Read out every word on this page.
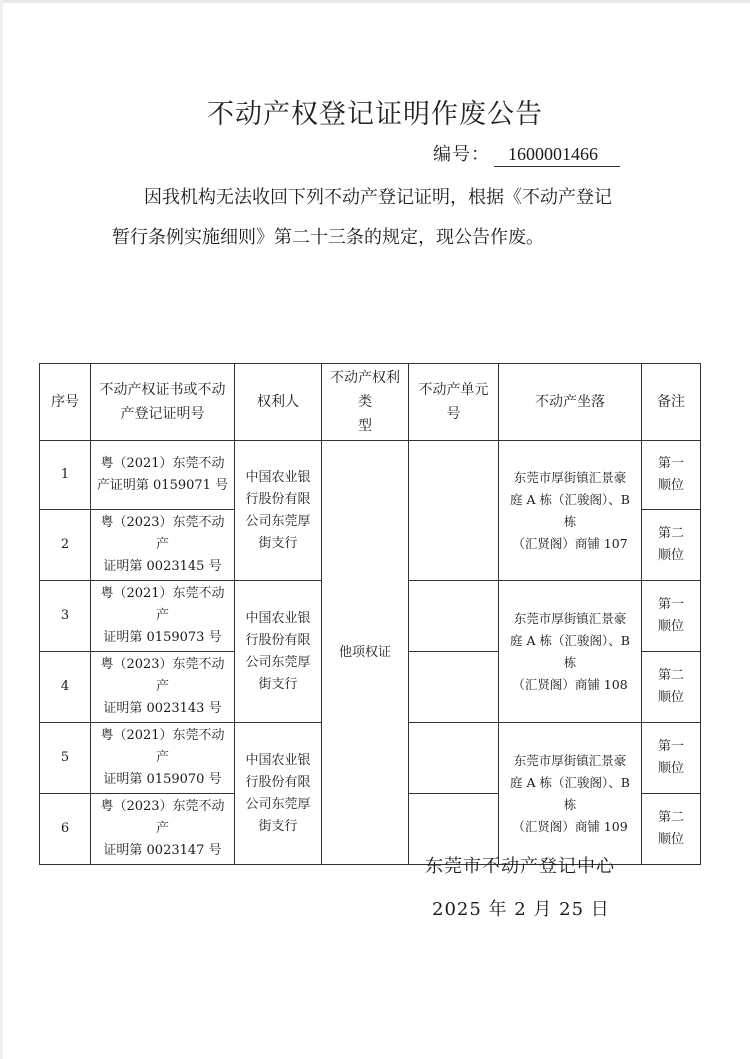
不动产权登记证明作废公告
编号： 1600001466
因我机构无法收回下列不动产登记证明，根据《不动产登记
暂行条例实施细则》第二十三条的规定，现公告作废。
序号	不动产权证书或不动
产登记证明号	权利人	不动产权利类
型	不动产单元号	不动产坐落	备注
1	粤（2021）东莞不动
产证明第 0159071 号	中国农业银
行股份有限
公司东莞厚
街支行	他项权证		东莞市厚街镇汇景豪
庭 A 栋（汇骏阁）、B 栋
（汇贤阁）商铺 107	第一
顺位
2	粤（2023）东莞不动产
证明第 0023145 号					第二
顺位
3	粤（2021）东莞不动产
证明第 0159073 号	中国农业银
行股份有限
公司东莞厚
街支行			东莞市厚街镇汇景豪
庭 A 栋（汇骏阁）、B 栋
（汇贤阁）商铺 108	第一
顺位
4	粤（2023）东莞不动产
证明第 0023143 号					第二
顺位
5	粤（2021）东莞不动产
证明第 0159070 号	中国农业银
行股份有限
公司东莞厚
街支行			东莞市厚街镇汇景豪
庭 A 栋（汇骏阁）、B 栋
（汇贤阁）商铺 109	第一
顺位
6	粤（2023）东莞不动产
证明第 0023147 号					第二
顺位
东莞市不动产登记中心
2025 年 2 月 25 日
